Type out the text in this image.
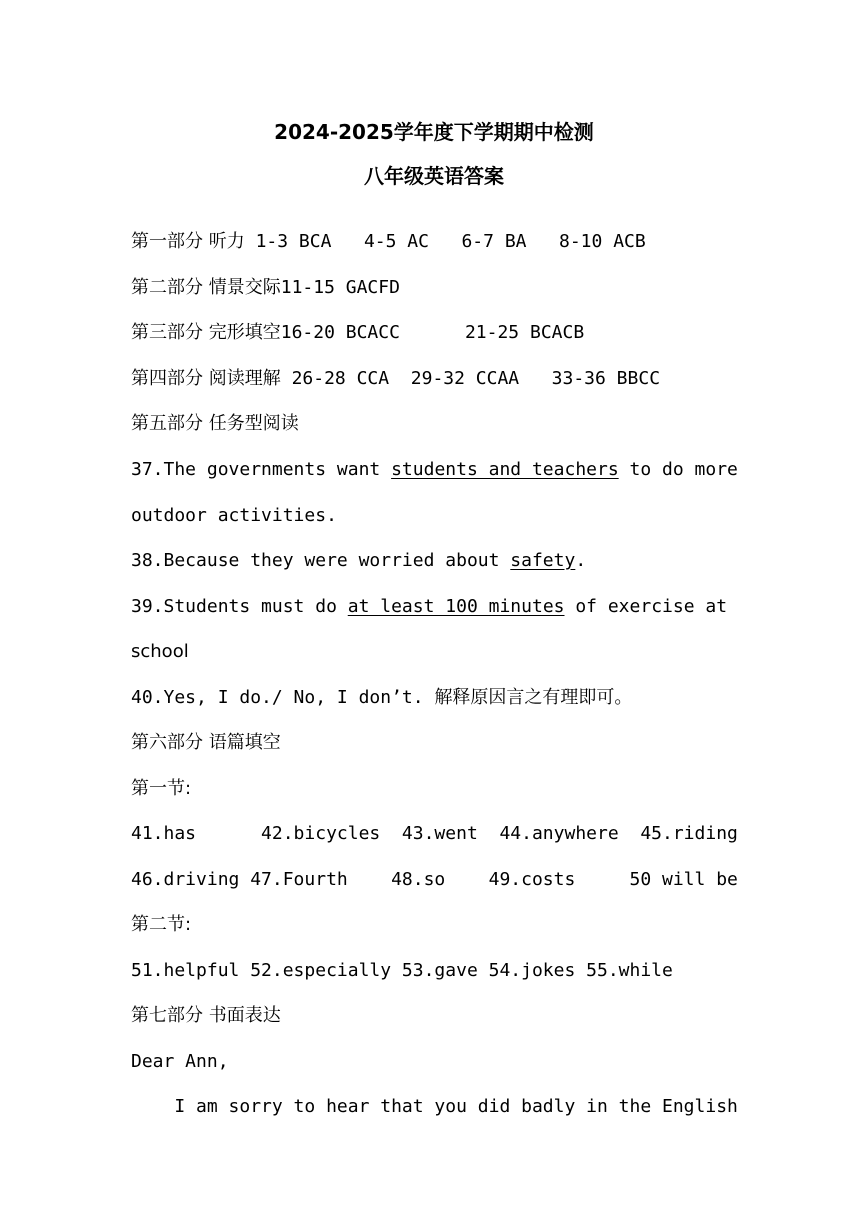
2024-2025学年度下学期期中检测
八年级英语答案
第一部分 听力 1-3 BCA   4-5 AC   6-7 BA   8-10 ACB
第二部分 情景交际11-15 GACFD
第三部分 完形填空16-20 BCACC      21-25 BCACB
第四部分 阅读理解 26-28 CCA  29-32 CCAA   33-36 BBCC
第五部分 任务型阅读
37.The governments want students and teachers to do more
outdoor activities.
38.Because they were worried about safety.
39.Students must do at least 100 minutes of exercise at
school
40.Yes, I do./ No, I don’t. 解释原因言之有理即可。
第六部分 语篇填空
第一节:
41.has      42.bicycles  43.went  44.anywhere  45.riding
46.driving 47.Fourth    48.so    49.costs     50 will be
第二节:
51.helpful 52.especially 53.gave 54.jokes 55.while
第七部分 书面表达
Dear Ann,
I am sorry to hear that you did badly in the English
